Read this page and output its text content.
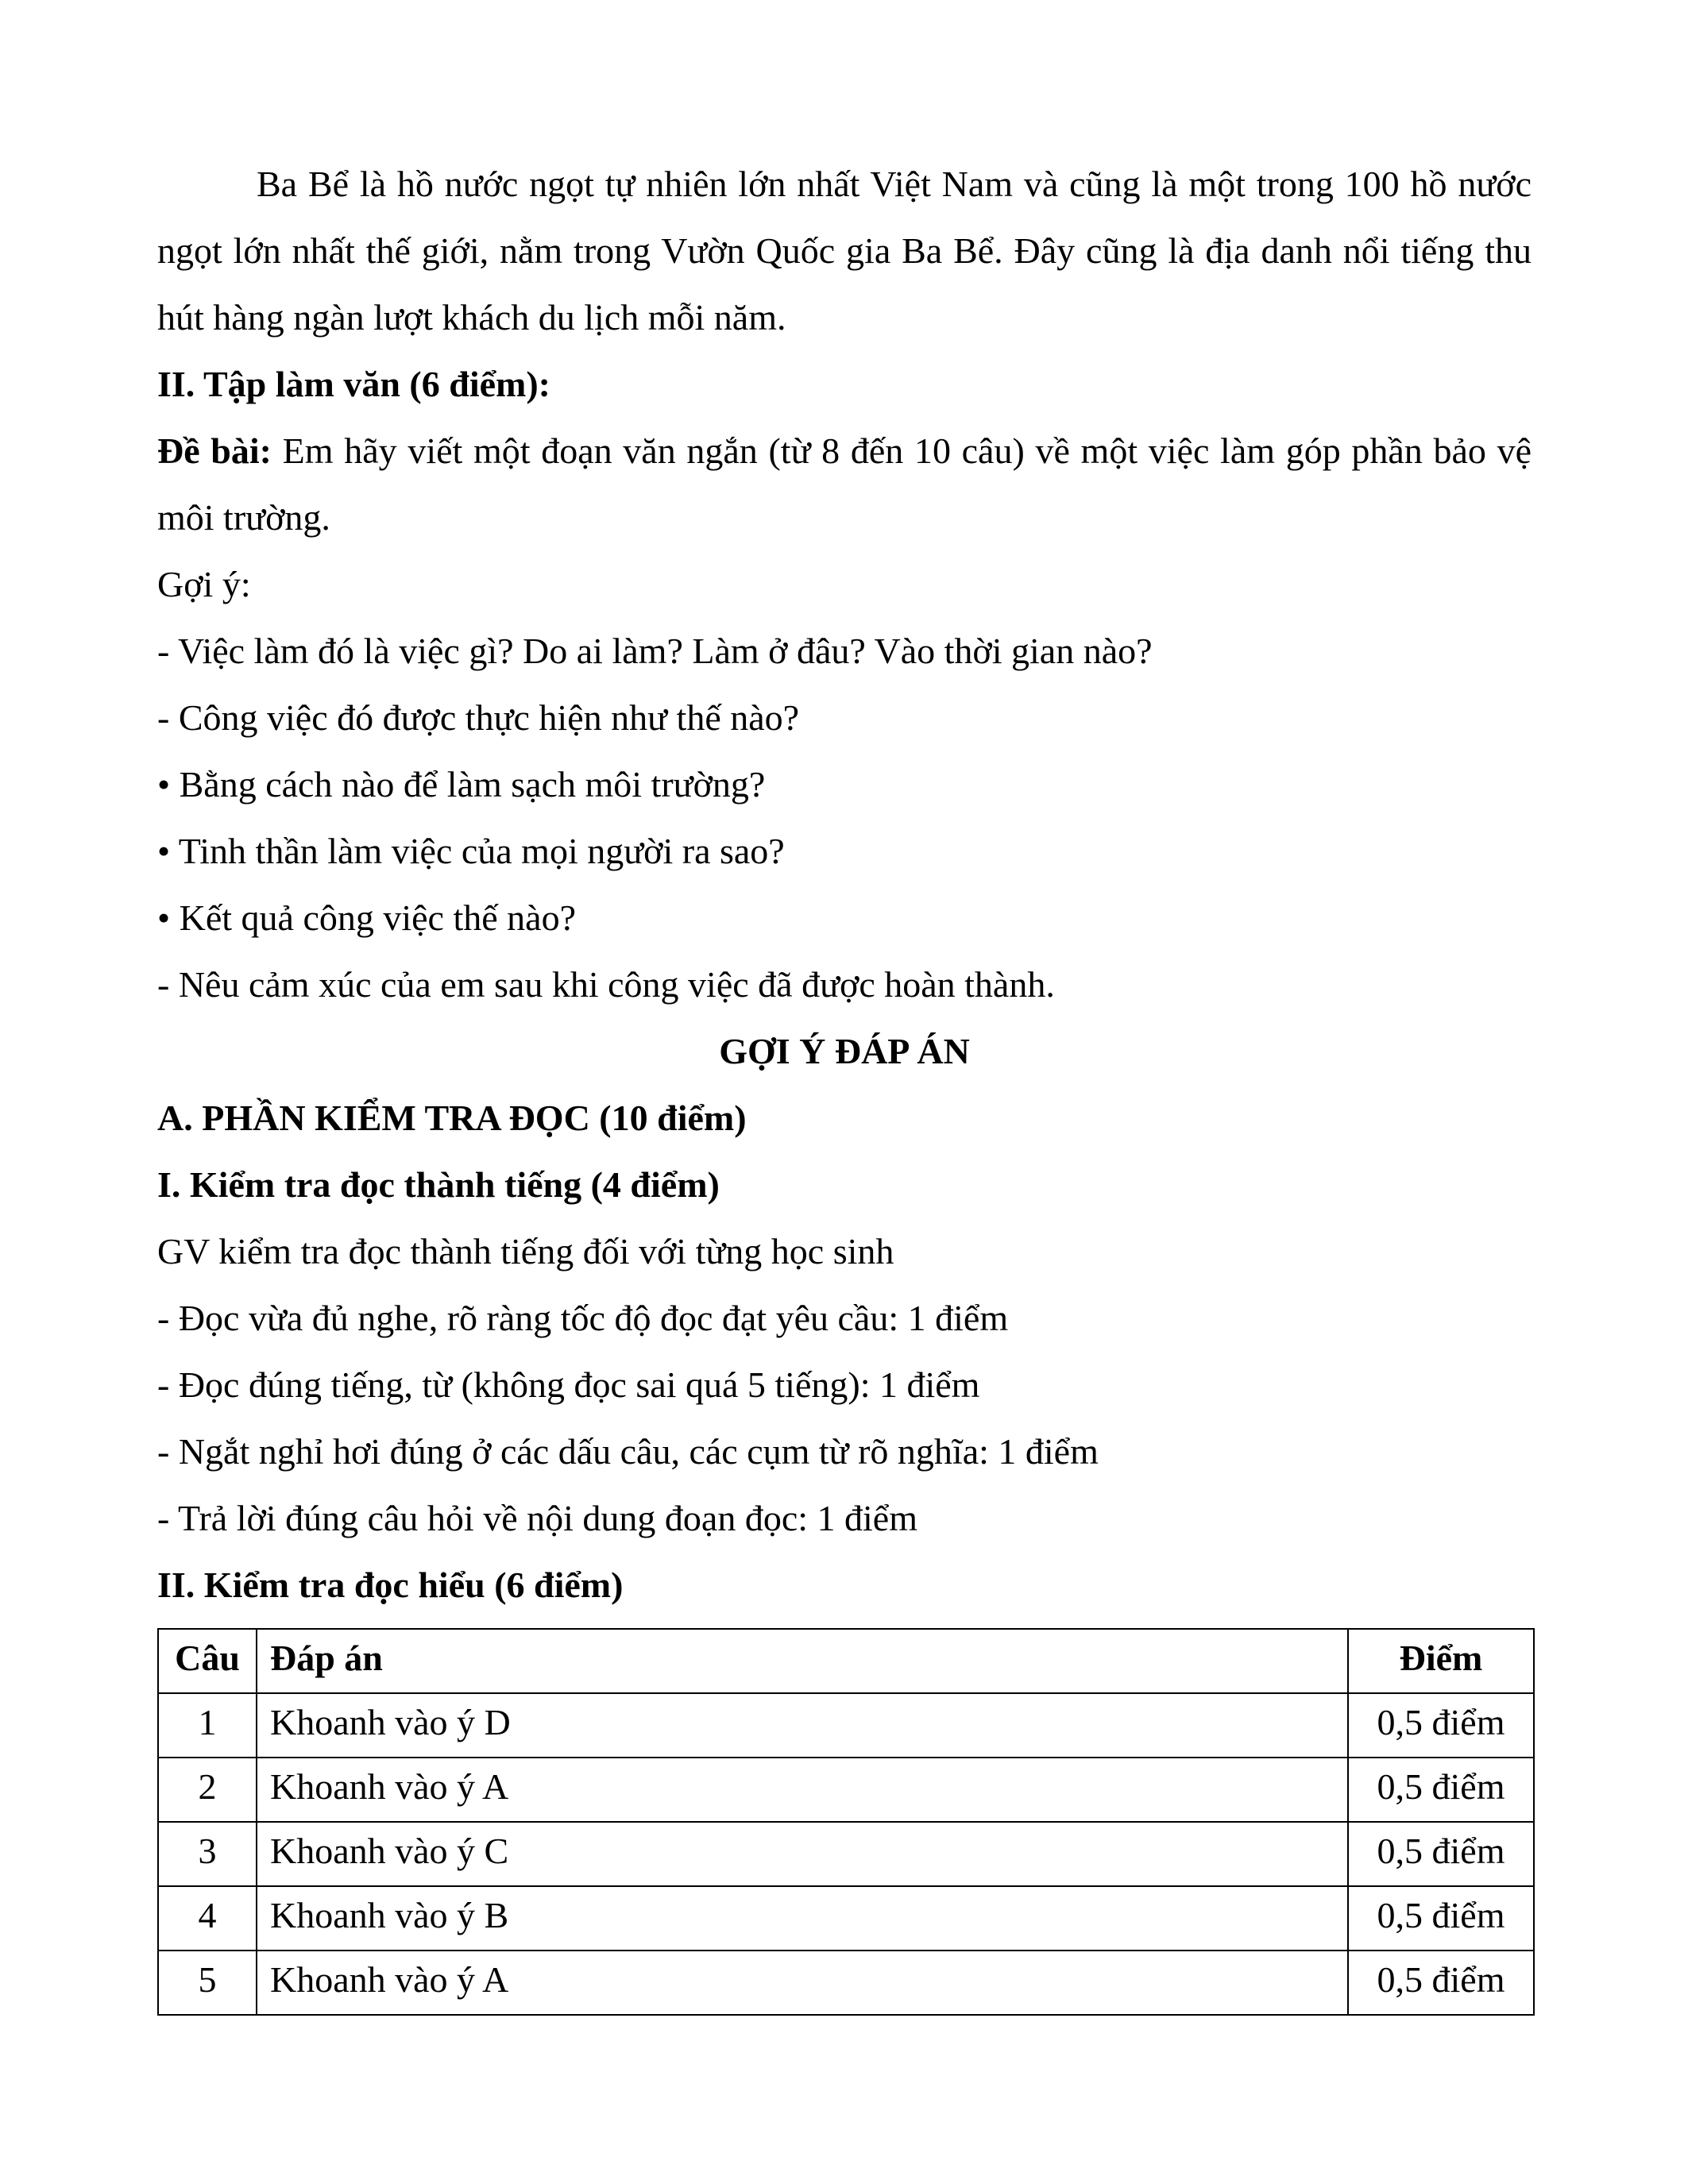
Ba Bể là hồ nước ngọt tự nhiên lớn nhất Việt Nam và cũng là một trong 100 hồ nước ngọt lớn nhất thế giới, nằm trong Vườn Quốc gia Ba Bể. Đây cũng là địa danh nổi tiếng thu hút hàng ngàn lượt khách du lịch mỗi năm.

II. Tập làm văn (6 điểm):

Đề bài: Em hãy viết một đoạn văn ngắn (từ 8 đến 10 câu) về một việc làm góp phần bảo vệ môi trường.

Gợi ý:

- Việc làm đó là việc gì? Do ai làm? Làm ở đâu? Vào thời gian nào?

- Công việc đó được thực hiện như thế nào?

• Bằng cách nào để làm sạch môi trường?

• Tinh thần làm việc của mọi người ra sao?

• Kết quả công việc thế nào?

- Nêu cảm xúc của em sau khi công việc đã được hoàn thành.

GỢI Ý ĐÁP ÁN

A. PHẦN KIỂM TRA ĐỌC (10 điểm)

I. Kiểm tra đọc thành tiếng (4 điểm)

GV kiểm tra đọc thành tiếng đối với từng học sinh

- Đọc vừa đủ nghe, rõ ràng tốc độ đọc đạt yêu cầu: 1 điểm

- Đọc đúng tiếng, từ (không đọc sai quá 5 tiếng): 1 điểm

- Ngắt nghỉ hơi đúng ở các dấu câu, các cụm từ rõ nghĩa: 1 điểm

- Trả lời đúng câu hỏi về nội dung đoạn đọc: 1 điểm

II. Kiểm tra đọc hiểu (6 điểm)

Câu	Đáp án	Điểm
1	Khoanh vào ý D	0,5 điểm
2	Khoanh vào ý A	0,5 điểm
3	Khoanh vào ý C	0,5 điểm
4	Khoanh vào ý B	0,5 điểm
5	Khoanh vào ý A	0,5 điểm
